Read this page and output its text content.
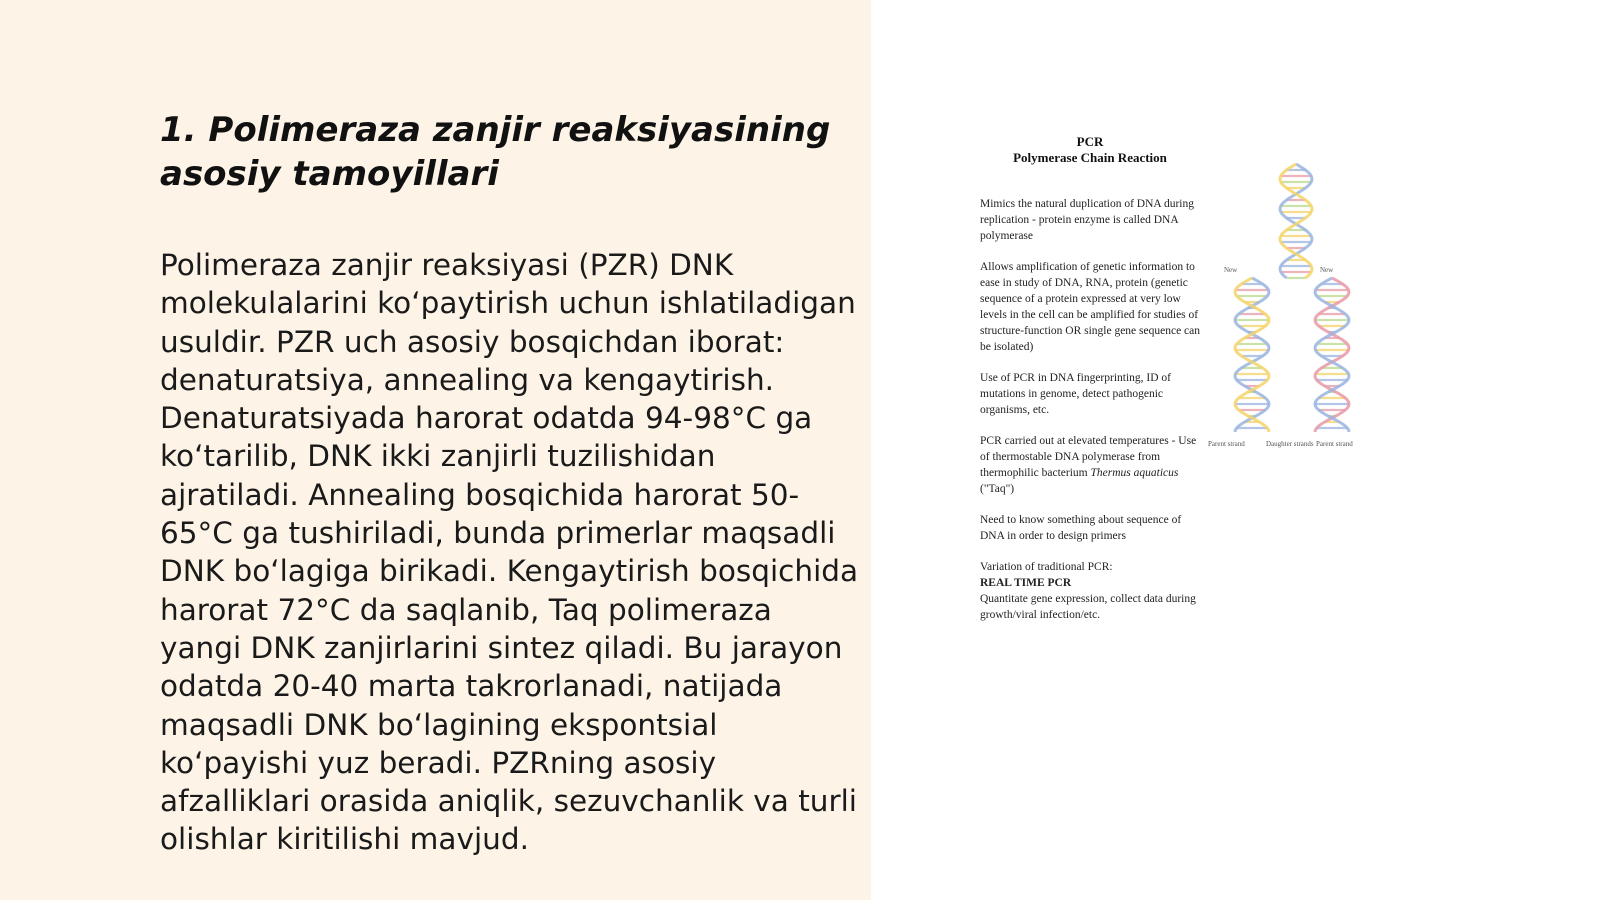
1. Polimeraza zanjir reaksiyasining asosiy tamoyillari

Polimeraza zanjir reaksiyasi (PZR) DNK molekulalarini koʻpaytirish uchun ishlatiladigan usuldir. PZR uch asosiy bosqichdan iborat: denaturatsiya, annealing va kengaytirish. Denaturatsiyada harorat odatda 94-98°C ga koʻtarilib, DNK ikki zanjirli tuzilishidan ajratiladi. Annealing bosqichida harorat 50-65°C ga tushiriladi, bunda primerlar maqsadli DNK boʻlagiga birikadi. Kengaytirish bosqichida harorat 72°C da saqlanib, Taq polimeraza yangi DNK zanjirlarini sintez qiladi. Bu jarayon odatda 20-40 marta takrorlanadi, natijada maqsadli DNK boʻlagining ekspontsial koʻpayishi yuz beradi. PZRning asosiy afzalliklari orasida aniqlik, sezuvchanlik va turli olishlar kiritilishi mavjud.

PCR
Polymerase Chain Reaction

Mimics the natural duplication of DNA during replication - protein enzyme is called DNA polymerase

Allows amplification of genetic information to ease in study of DNA, RNA, protein (genetic sequence of a protein expressed at very low levels in the cell can be amplified for studies of structure-function OR single gene sequence can be isolated)

Use of PCR in DNA fingerprinting, ID of mutations in genome, detect pathogenic organisms, etc.

PCR carried out at elevated temperatures - Use of thermostable DNA polymerase from thermophilic bacterium Thermus aquaticus ("Taq")

Need to know something about sequence of DNA in order to design primers

Variation of traditional PCR:
REAL TIME PCR
Quantitate gene expression, collect data during growth/viral infection/etc.

New	New
Parent strand	Daughter strands Parent strand
